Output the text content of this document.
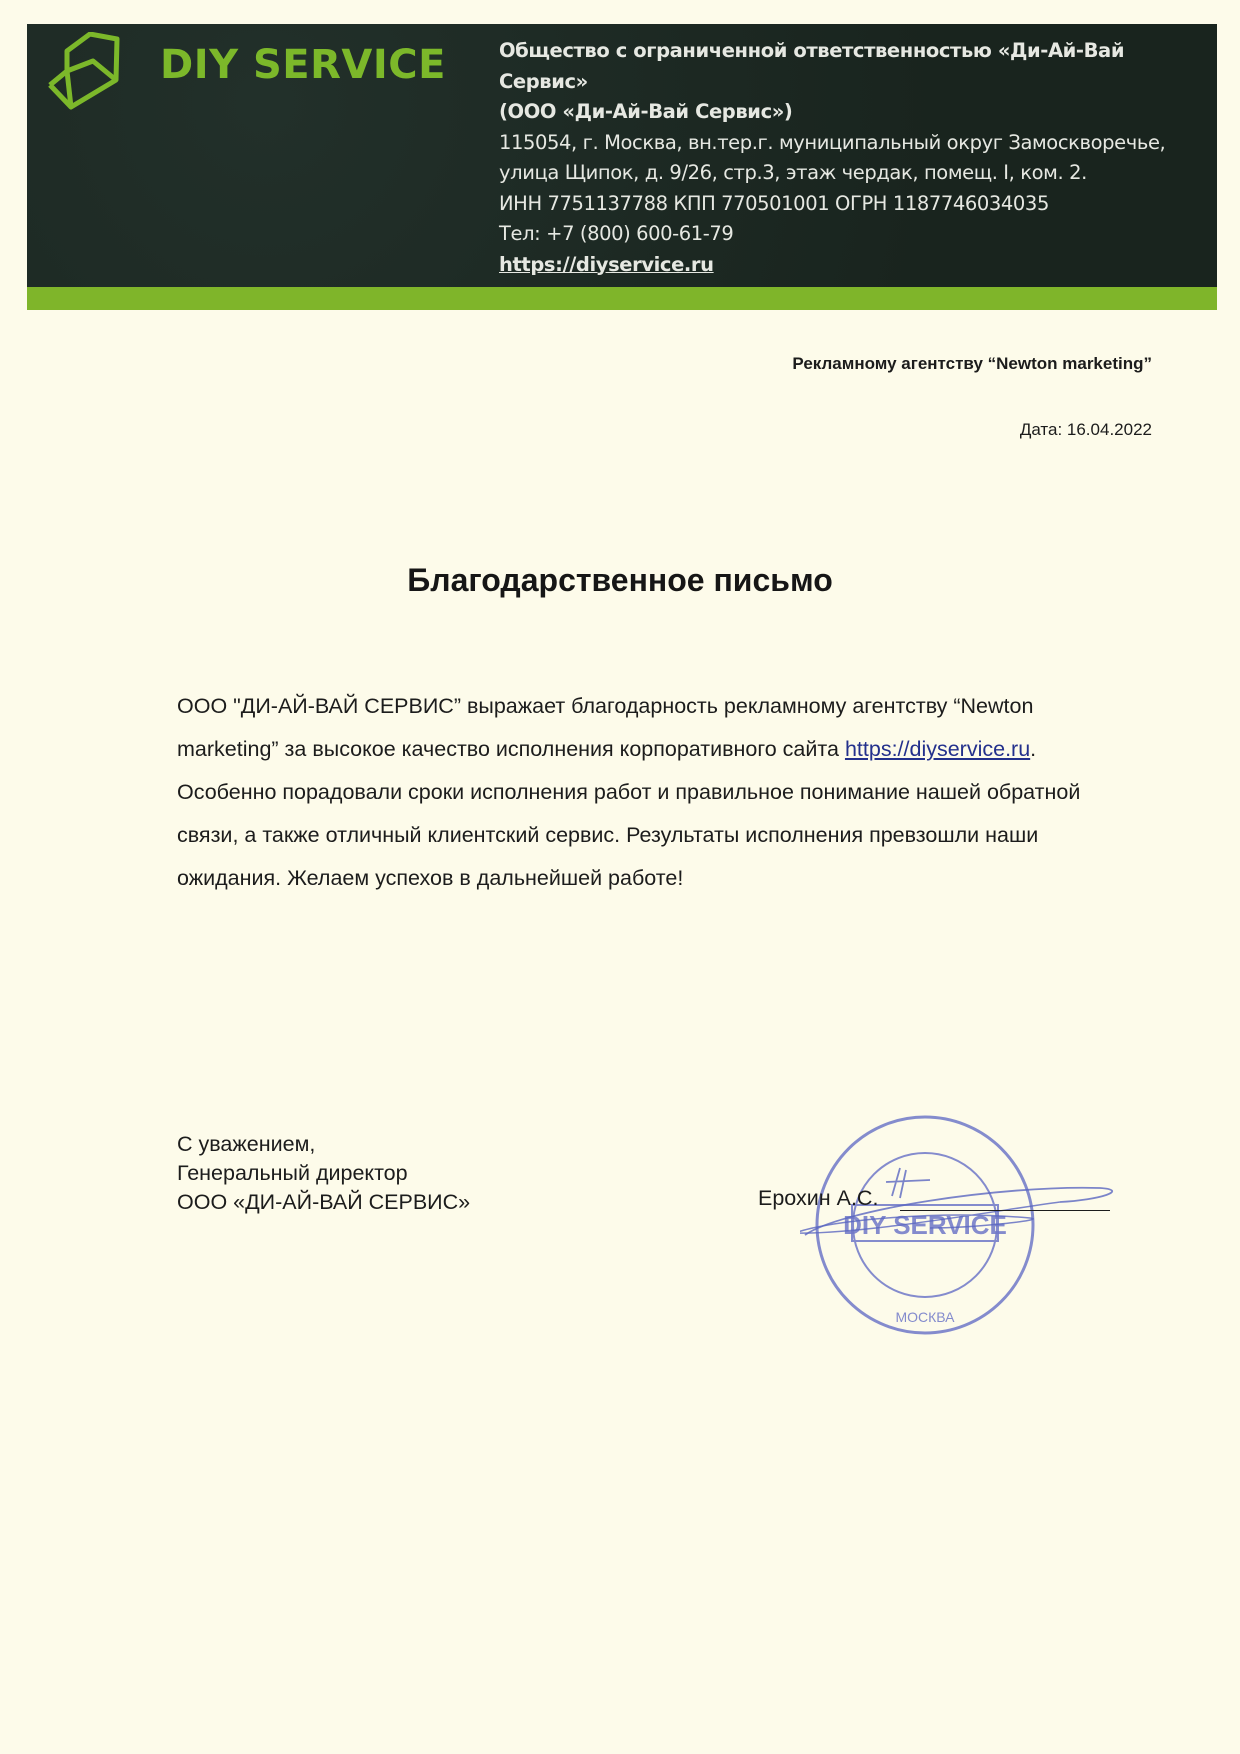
DIY SERVICE	Общество с ограниченной ответственностью «Ди-Ай-Вай Сервис»
(ООО «Ди-Ай-Вай Сервис»)
115054, г. Москва, вн.тер.г. муниципальный округ Замоскворечье,
улица Щипок, д. 9/26, стр.3, этаж чердак, помещ. I, ком. 2.
ИНН 7751137788 КПП 770501001 ОГРН 1187746034035
Тел: +7 (800) 600-61-79
https://diyservice.ru
Рекламному агентству “Newton marketing”
Дата: 16.04.2022
Благодарственное письмо
ООО "ДИ-АЙ-ВАЙ СЕРВИС” выражает благодарность рекламному агентству “Newton marketing” за высокое качество исполнения корпоративного сайта https://diyservice.ru. Особенно порадовали сроки исполнения работ и правильное понимание нашей обратной связи, а также отличный клиентский сервис. Результаты исполнения превзошли наши ожидания. Желаем успехов в дальнейшей работе!
С уважением,
Генеральный директор
ООО «ДИ-АЙ-ВАЙ СЕРВИС»
DIY SERVICE
МОСКВА
Ерохин А.С.
